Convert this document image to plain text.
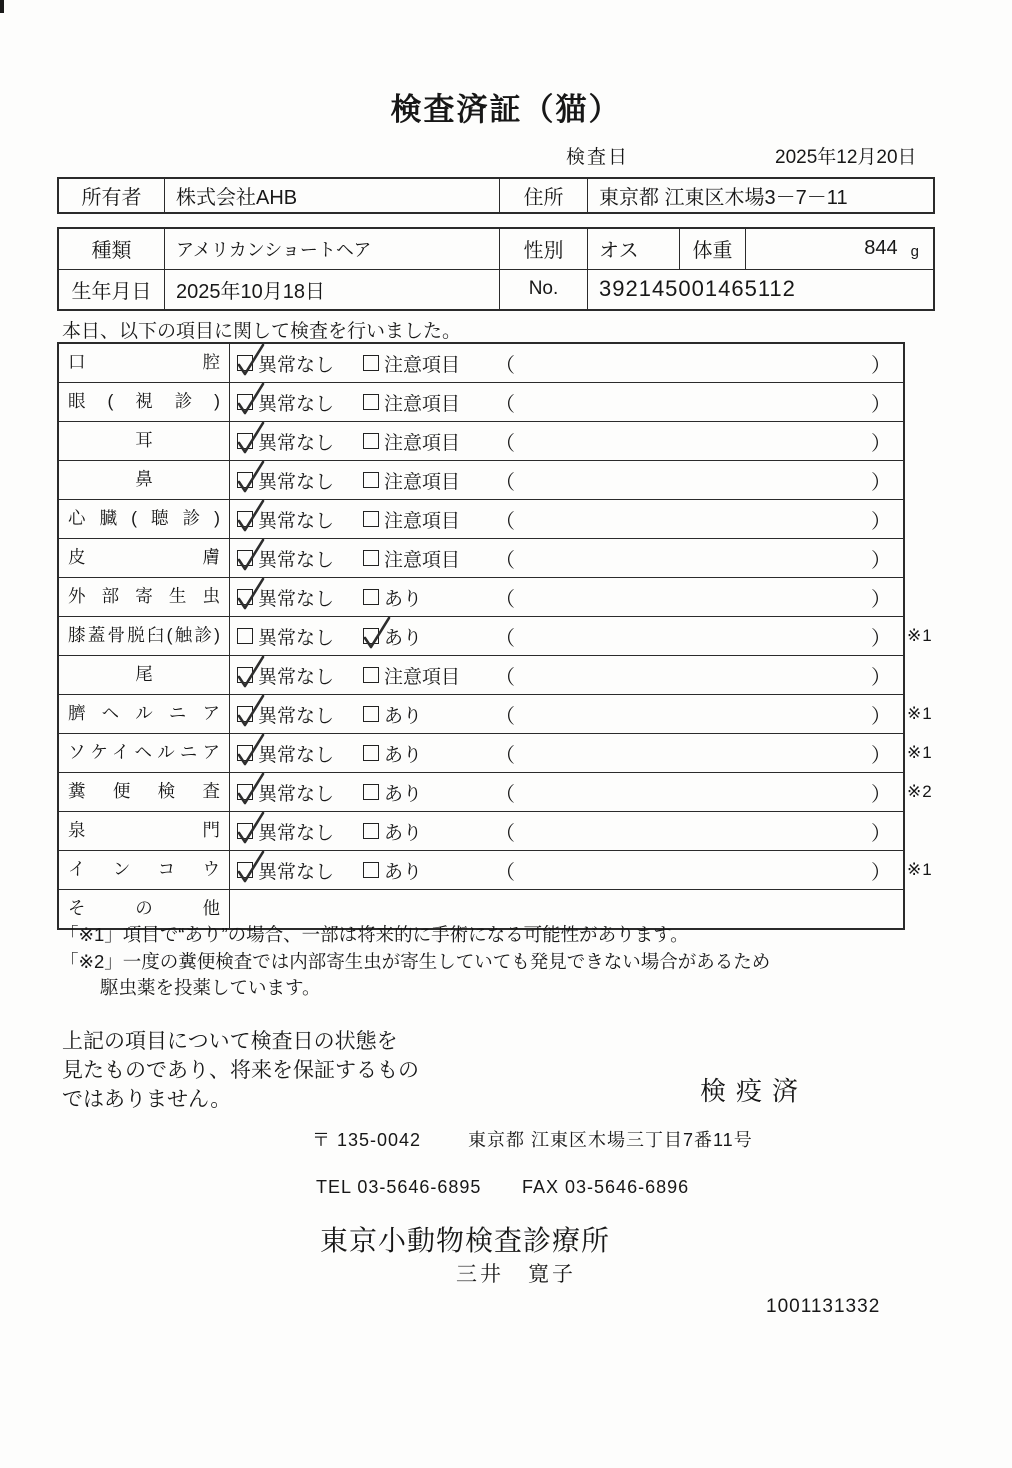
検査済証（猫）
検査日	2025年12月20日
所有者	株式会社AHB	住所	東京都 江東区木場3－7－11
種類	アメリカンショートヘア	性別	オス	体重	844 g
生年月日	2025年10月18日	No.	392145001465112
本日、以下の項目に関して検査を行いました。
口腔	異常なし	注意項目 （	）
眼(視診)	異常なし	注意項目 （	）
耳	異常なし	注意項目 （	）
鼻	異常なし	注意項目 （	）
心臓(聴診)	異常なし	注意項目 （	）
皮膚	異常なし	注意項目 （	）
外部寄生虫	異常なし	あり	（	）
膝蓋骨脱臼(触診)	異常なし	あり	（	） ※1
尾	異常なし	注意項目 （	）
臍ヘルニア	異常なし	あり	（	） ※1
ソケイヘルニア	異常なし	あり	（	） ※1
糞便検査	異常なし	あり	（	） ※2
泉門	異常なし	あり	（	）
インコウ	異常なし	あり	（	） ※1
その他
「※1」項目で“あり”の場合、一部は将来的に手術になる可能性があります。
「※2」一度の糞便検査では内部寄生虫が寄生していても発見できない場合があるため
駆虫薬を投薬しています。
上記の項目について検査日の状態を
見たものであり、将来を保証するもの
ではありません。	検疫済
〒 135-0042	東京都 江東区木場三丁目7番11号
TEL 03-5646-6895 FAX 03-5646-6896
東京小動物検査診療所
三井　寛子
1001131332
